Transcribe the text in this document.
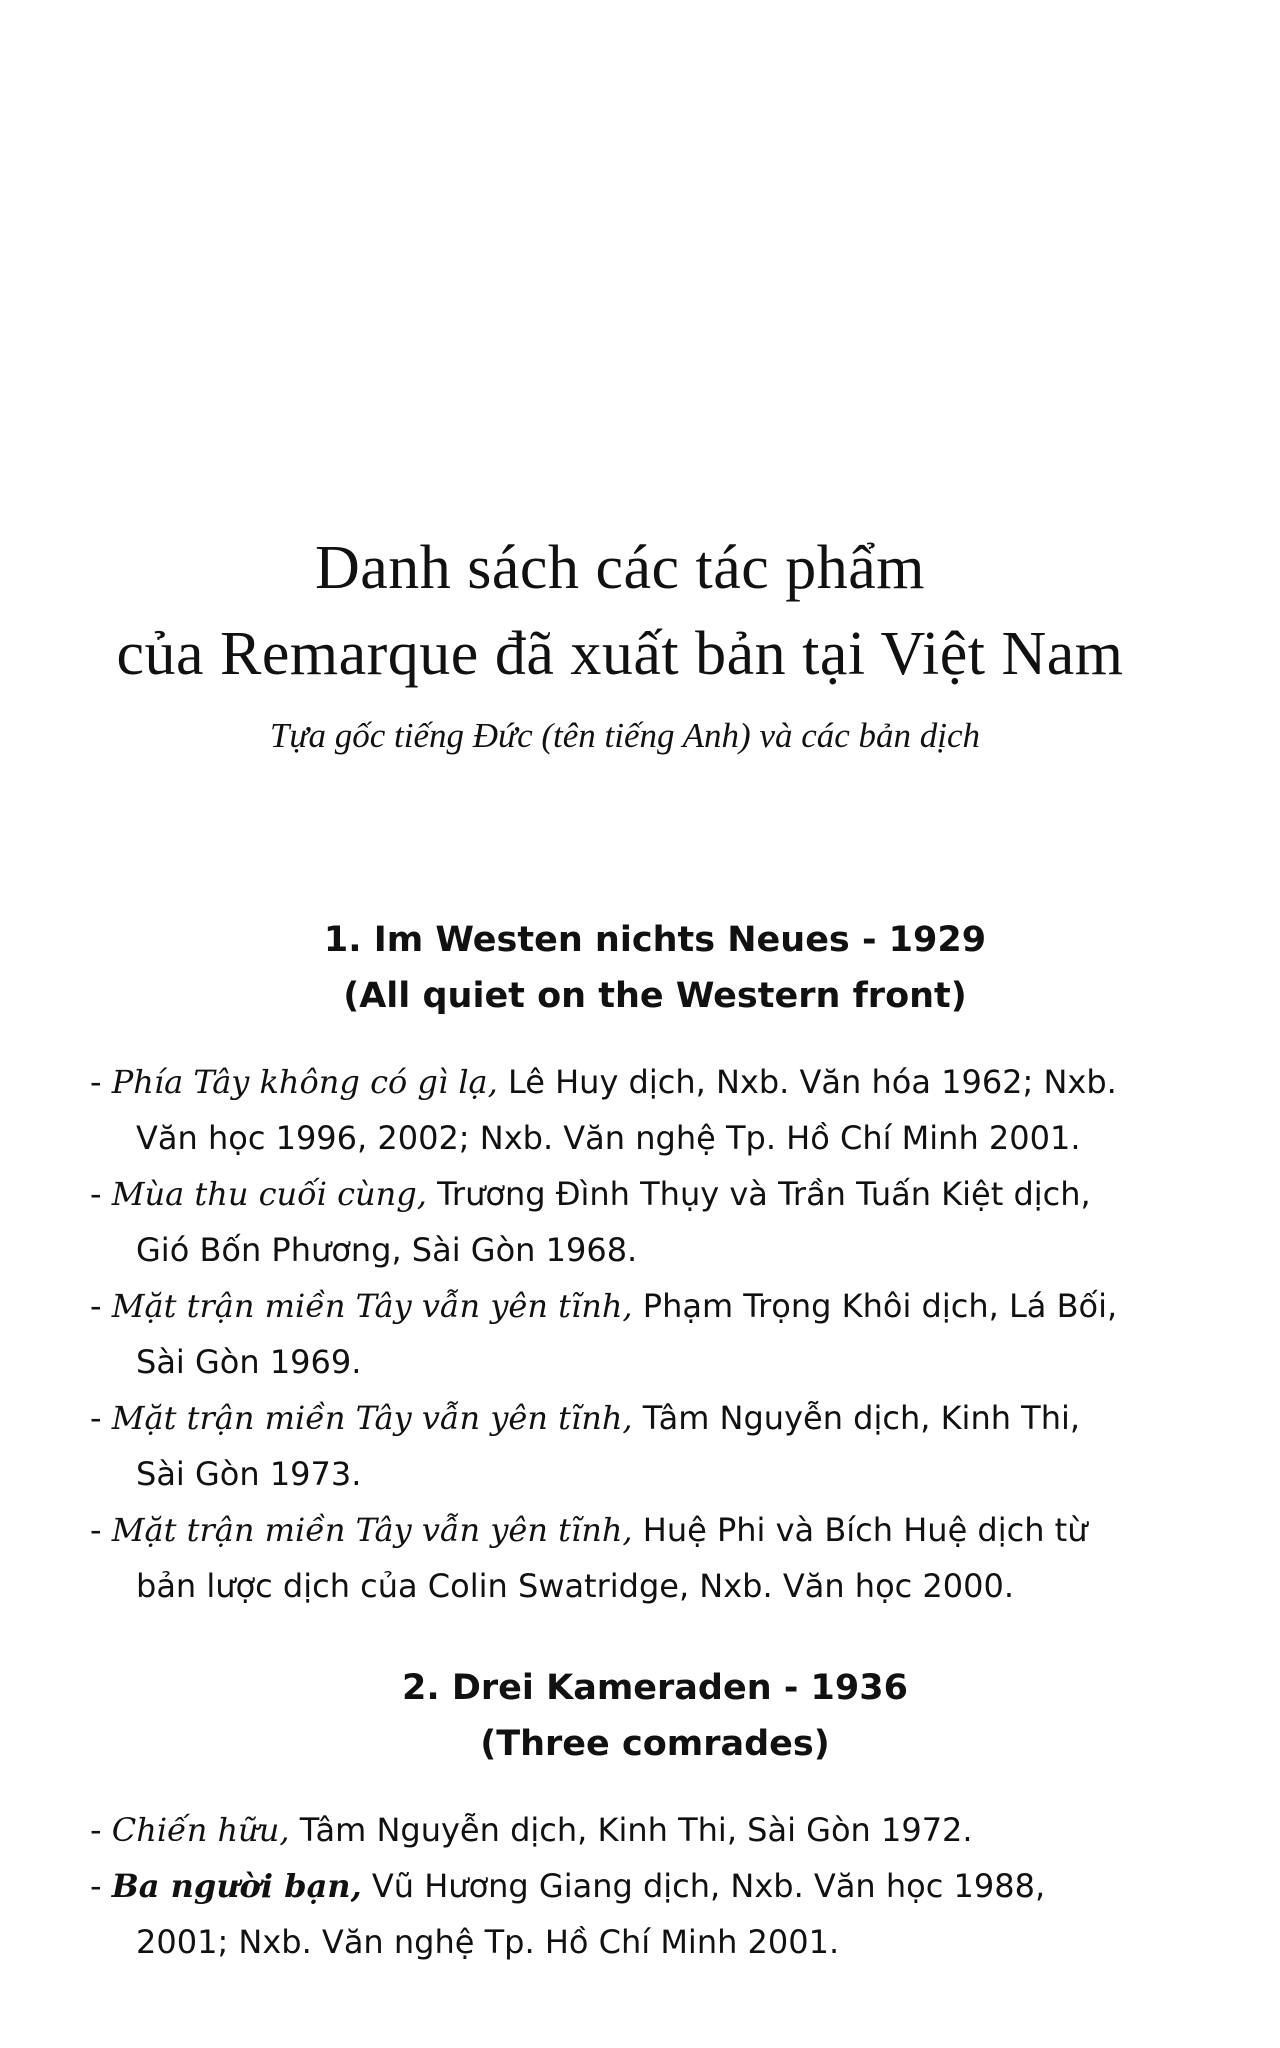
Danh sách các tác phẩm
của Remarque đã xuất bản tại Việt Nam
Tựa gốc tiếng Đức (tên tiếng Anh) và các bản dịch
1. Im Westen nichts Neues - 1929
(All quiet on the Western front)
- Phía Tây không có gì lạ, Lê Huy dịch, Nxb. Văn hóa 1962; Nxb. Văn học 1996, 2002; Nxb. Văn nghệ Tp. Hồ Chí Minh 2001.
- Mùa thu cuối cùng, Trương Đình Thụy và Trần Tuấn Kiệt dịch, Gió Bốn Phương, Sài Gòn 1968.
- Mặt trận miền Tây vẫn yên tĩnh, Phạm Trọng Khôi dịch, Lá Bối, Sài Gòn 1969.
- Mặt trận miền Tây vẫn yên tĩnh, Tâm Nguyễn dịch, Kinh Thi, Sài Gòn 1973.
- Mặt trận miền Tây vẫn yên tĩnh, Huệ Phi và Bích Huệ dịch từ bản lược dịch của Colin Swatridge, Nxb. Văn học 2000.
2. Drei Kameraden - 1936
(Three comrades)
- Chiến hữu, Tâm Nguyễn dịch, Kinh Thi, Sài Gòn 1972.
- Ba người bạn, Vũ Hương Giang dịch, Nxb. Văn học 1988, 2001; Nxb. Văn nghệ Tp. Hồ Chí Minh 2001.
